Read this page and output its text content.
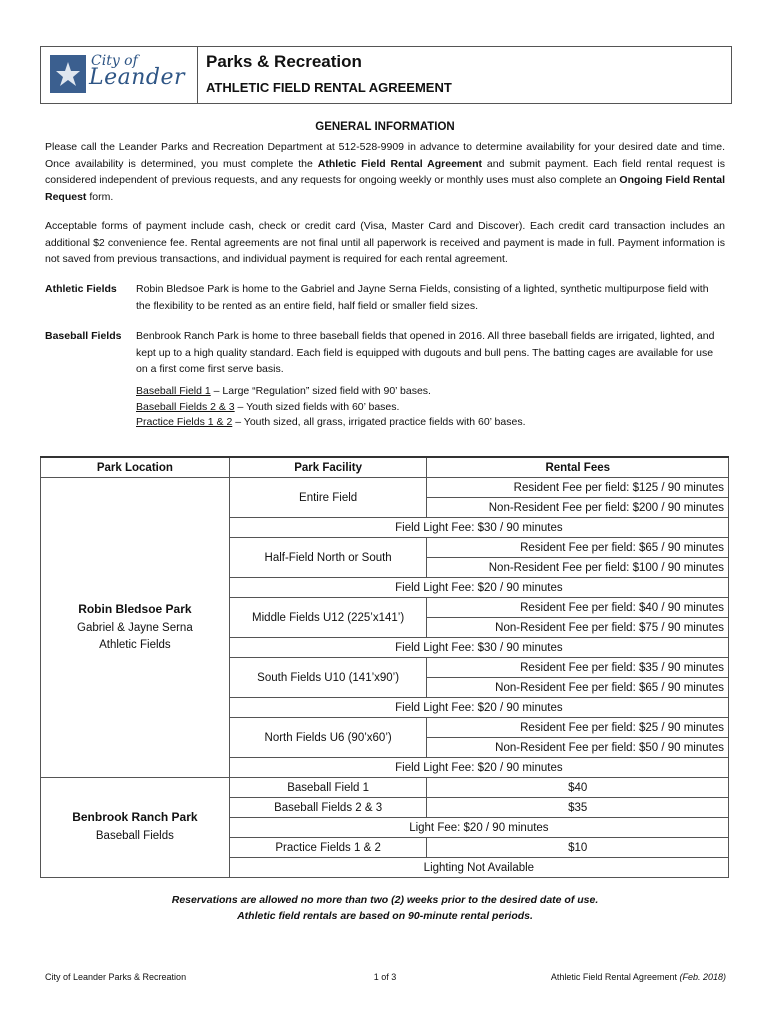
City of
Leander
Parks & Recreation
ATHLETIC FIELD RENTAL AGREEMENT
GENERAL INFORMATION
Please call the Leander Parks and Recreation Department at 512-528-9909 in advance to determine availability for your desired date and time. Once availability is determined, you must complete the Athletic Field Rental Agreement and submit payment. Each field rental request is considered independent of previous requests, and any requests for ongoing weekly or monthly uses must also complete an Ongoing Field Rental Request form.
Acceptable forms of payment include cash, check or credit card (Visa, Master Card and Discover). Each credit card transaction includes an additional $2 convenience fee. Rental agreements are not final until all paperwork is received and payment is made in full. Payment information is not saved from previous transactions, and individual payment is required for each rental agreement.
Athletic Fields	Robin Bledsoe Park is home to the Gabriel and Jayne Serna Fields, consisting of a lighted, synthetic multipurpose field with the flexibility to be rented as an entire field, half field or smaller field sizes.
Baseball Fields	Benbrook Ranch Park is home to three baseball fields that opened in 2016. All three baseball fields are irrigated, lighted, and kept up to a high quality standard. Each field is equipped with dugouts and bull pens. The batting cages are available for use on a first come first serve basis.
Baseball Field 1 – Large “Regulation” sized field with 90’ bases.
Baseball Fields 2 & 3 – Youth sized fields with 60’ bases.
Practice Fields 1 & 2 – Youth sized, all grass, irrigated practice fields with 60’ bases.
Park Location	Park Facility	Rental Fees

Robin Bledsoe Park
Gabriel & Jayne Serna
Athletic Fields	Entire Field	Resident Fee per field: $125 / 90 minutes
		Non-Resident Fee per field: $200 / 90 minutes
	Field Light Fee: $30 / 90 minutes	
	Half-Field North or South	Resident Fee per field: $65 / 90 minutes
		Non-Resident Fee per field: $100 / 90 minutes
	Field Light Fee: $20 / 90 minutes	
	Middle Fields U12 (225’x141’)	Resident Fee per field: $40 / 90 minutes
		Non-Resident Fee per field: $75 / 90 minutes
	Field Light Fee: $30 / 90 minutes	
	South Fields U10 (141’x90’)	Resident Fee per field: $35 / 90 minutes
		Non-Resident Fee per field: $65 / 90 minutes
	Field Light Fee: $20 / 90 minutes	
	North Fields U6 (90’x60’)	Resident Fee per field: $25 / 90 minutes
		Non-Resident Fee per field: $50 / 90 minutes
	Field Light Fee: $20 / 90 minutes	

Benbrook Ranch Park
Baseball Fields	Baseball Field 1	$40
	Baseball Fields 2 & 3	$35
	Light Fee: $20 / 90 minutes	
	Practice Fields 1 & 2	$10
	Lighting Not Available	
Reservations are allowed no more than two (2) weeks prior to the desired date of use.
Athletic field rentals are based on 90-minute rental periods.
City of Leander Parks & Recreation	1 of 3	Athletic Field Rental Agreement (Feb. 2018)
